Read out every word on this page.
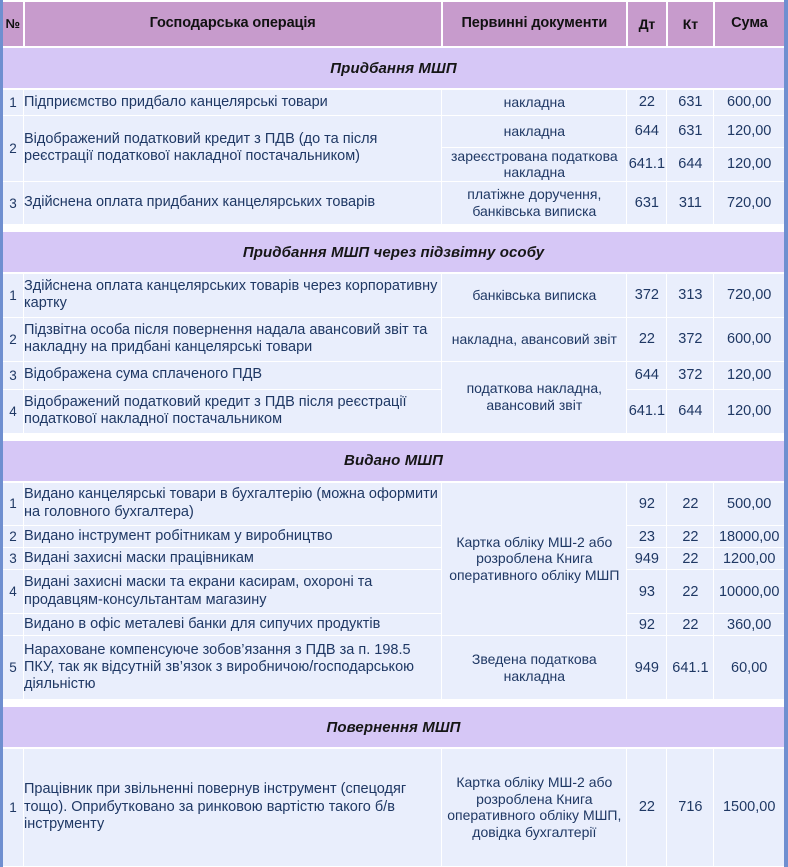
№	Господарська операція	Первинні документи	Дт	Кт	Сума
Придбання МШП					
1	Підприємство придбало канцелярські товари	накладна	22	631	600,00
2	Відображений податковий кредит з ПДВ (до та після реєстрації податкової накладної постачальником)	накладна	644	631	120,00
		зареєстрована податкова накладна	641.1	644	120,00
3	Здійснена оплата придбаних канцелярських товарів	платіжне доручення, банківська виписка	631	311	720,00

Придбання МШП через підзвітну особу					
1	Здійснена оплата канцелярських товарів через корпоративну картку	банківська виписка	372	313	720,00
2	Підзвітна особа після повернення надала авансовий звіт та накладну на придбані канцелярські товари	накладна, авансовий звіт	22	372	600,00
3	Відображена сума сплаченого ПДВ	податкова накладна, авансовий звіт	644	372	120,00
4	Відображений податковий кредит з ПДВ після реєстрації податкової накладної постачальником		641.1	644	120,00

Видано МШП					
1	Видано канцелярські товари в бухгалтерію (можна оформити на головного бухгалтера)	Картка обліку МШ-2 або розроблена Книга оперативного обліку МШП	92	22	500,00
2	Видано інструмент робітникам у виробництво		23	22	18000,00
3	Видані захисні маски працівникам		949	22	1200,00
4	Видані захисні маски та екрани касирам, охороні та продавцям-консультантам магазину		93	22	10000,00
	Видано в офіс металеві банки для сипучих продуктів		92	22	360,00
5	Нараховане компенсуюче зобов’язання з ПДВ за п. 198.5 ПКУ, так як відсутній зв’язок з виробничою/господарською діяльністю	Зведена податкова накладна	949	641.1	60,00

Повернення МШП					
1	Працівник при звільненні повернув інструмент (спецодяг тощо). Оприбутковано за ринковою вартістю такого б/в інструменту	Картка обліку МШ-2 або розроблена Книга оперативного обліку МШП, довідка бухгалтерії	22	716	1500,00
